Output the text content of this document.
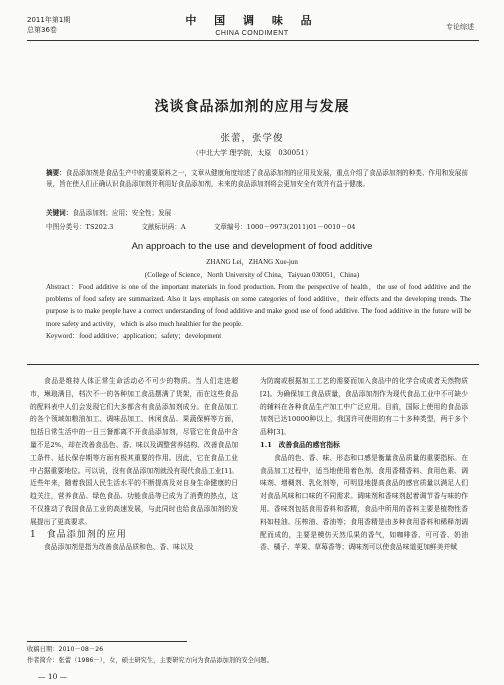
2011年第1期
总第36卷
中 国 调 味 品
CHINA CONDIMENT
专论综述
浅谈食品添加剂的应用与发展
张蕾，张学俊
（中北大学 理学院，太原　030051）
摘要：食品添加剂是食品生产中的重要原料之一，文章从健康角度综述了食品添加剂的应用及发展，重点介绍了食品添加剂的种类、作用和发展前景，旨在使人们正确认识食品添加剂并利用好食品添加剂，未来的食品添加剂将会更加安全有效并有益于健康。
关键词：食品添加剂；应用；安全性；发展
中图分类号：TS202.3	文献标识码：A	文章编号：1000－9973(2011)01－0010－04
An approach to the use and development of food additive
ZHANG Lei，ZHANG Xue-jun
(College of Science，North University of China，Taiyuan 030051，China)
Abstract：Food additive is one of the important materials in food production. From the perspective of health，the use of food additive and the problems of food safety are summarized. Also it lays emphasis on some categories of food additive，their effects and the developing trends. The purpose is to make people have a correct understanding of food additive and make good use of food additive. The food additive in the future will be more safety and activity，which is also much healthier for the people.
Keyword：food additive；application；safety；development

食品是维持人体正常生命活动必不可少的物质。当人们走进超市，琳琅满目，档次不一的各种加工食品摆满了货架，而在这些食品的配料表中人们会发现它们大多都含有食品添加剂成分。在食品加工的各个领域如粮油加工、调味品加工、休闲食品、果蔬保鲜等方面，包括日常生活中的一日三餐都离不开食品添加剂，尽管它在食品中含量不足2%，却在改善食品色、香、味以及调整营养结构、改善食品加工条件、延长保存期等方面有极其重要的作用。因此，它在食品工业中占据重要地位。可以说，没有食品添加剂就没有现代食品工业[1]。近些年来，随着我国人民生活水平的不断提高及对自身生命健康的日趋关注，营养食品、绿色食品、功能食品等已成为了消费的热点，这不仅推动了我国食品工业的高速发展，与此同时也给食品添加剂的发展提出了更高要求。

1　食品添加剂的应用

食品添加剂是指为改善食品品质和色、香、味以及

为防腐或根据加工工艺的需要而加入食品中的化学合成或者天然物质[2]。为确保加工食品质量，食品添加剂作为现代食品工业中不可缺少的辅料在各种食品生产加工中广泛应用。目前，国际上使用的食品添加剂已达10000种以上，我国许可使用的有二十多种类型，两千多个品种[3]。

1.1　改善食品的感官指标

食品的色、香、味、形态和口感是衡量食品质量的重要指标。在食品加工过程中，适当地使用着色剂、食用香精香料、食用色素、调味剂、增稠剂、乳化剂等，可明显地提高食品的感官质量以满足人们对食品风味和口味的不同需求。调味剂和香味剂起着调节香与味的作用。香味剂包括食用香料和香精，食品中所用的香料主要是植物性香料如桂油、压榨油、香油等；食用香精是由多种食用香料和稀释剂调配而成的，主要是模仿天然瓜果的香气，如咖啡香、可可香、奶油香、橘子、苹果、草莓香等；调味剂可以使食品味道更加鲜美并赋

收稿日期：2010－08－26
作者简介：张蕾（1986－），女，硕士研究生，主要研究方向为食品添加剂的安全问题。
— 10 —
